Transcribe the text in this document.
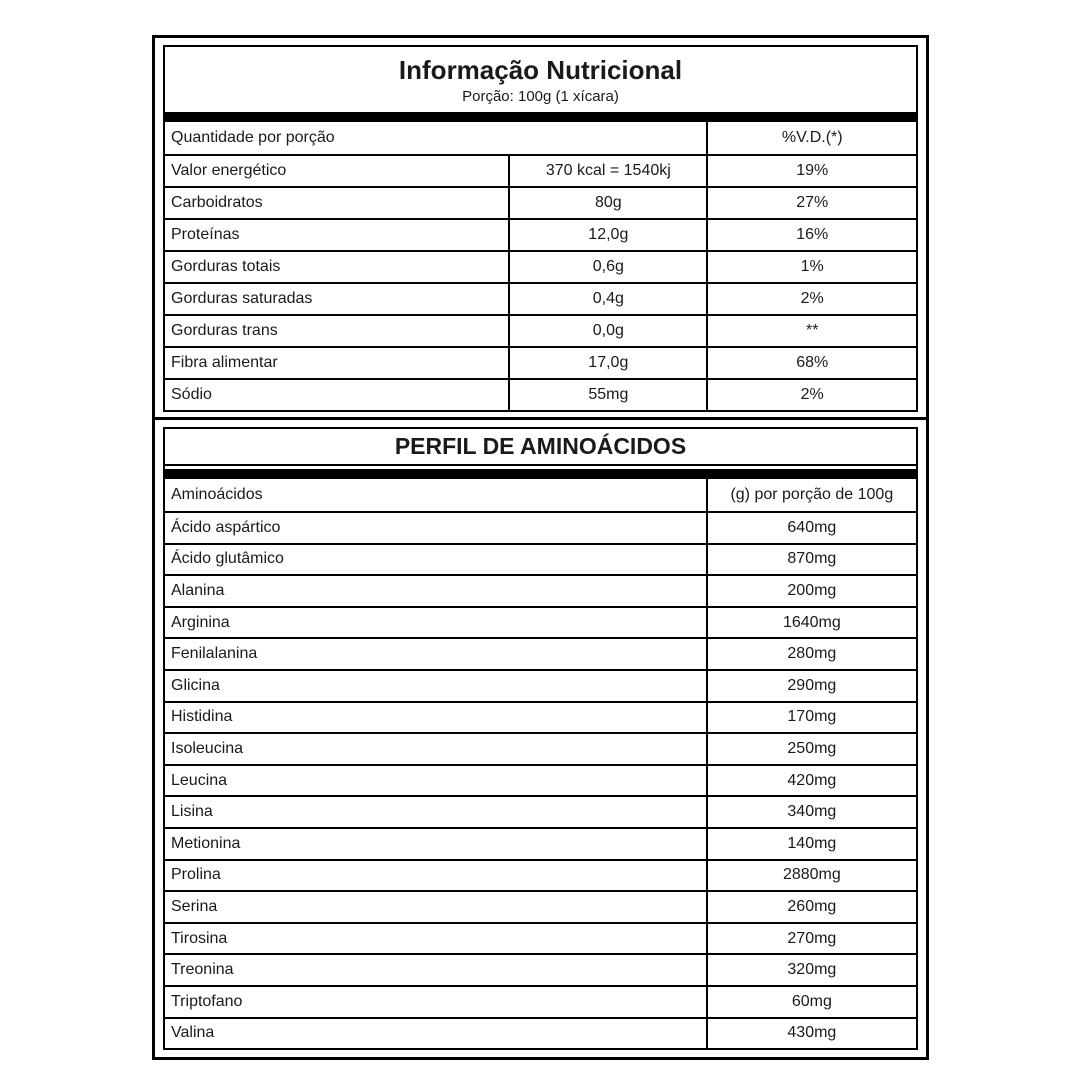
Informação Nutricional
Porção: 100g (1 xícara)
Quantidade por porção	%V.D.(*)
Valor energético	370 kcal = 1540kj	19%
Carboidratos	80g	27%
Proteínas	12,0g	16%
Gorduras totais	0,6g	1%
Gorduras saturadas	0,4g	2%
Gorduras trans	0,0g	**
Fibra alimentar	17,0g	68%
Sódio	55mg	2%
PERFIL DE AMINOÁCIDOS
Aminoácidos	(g) por porção de 100g
Ácido aspártico	640mg
Ácido glutâmico	870mg
Alanina	200mg
Arginina	1640mg
Fenilalanina	280mg
Glicina	290mg
Histidina	170mg
Isoleucina	250mg
Leucina	420mg
Lisina	340mg
Metionina	140mg
Prolina	2880mg
Serina	260mg
Tirosina	270mg
Treonina	320mg
Triptofano	60mg
Valina	430mg
